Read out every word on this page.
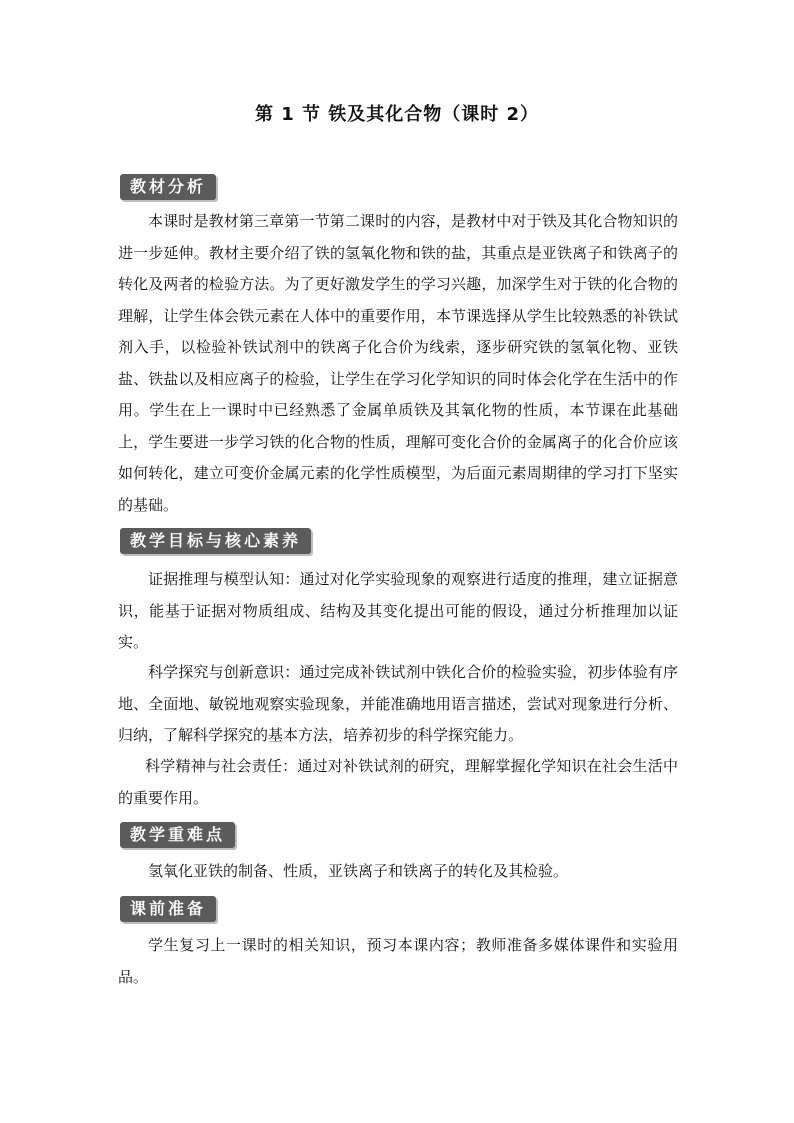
第 1 节 铁及其化合物（课时 2）
教材分析
本课时是教材第三章第一节第二课时的内容，是教材中对于铁及其化合物知识的进一步延伸。教材主要介绍了铁的氢氧化物和铁的盐，其重点是亚铁离子和铁离子的转化及两者的检验方法。为了更好激发学生的学习兴趣，加深学生对于铁的化合物的理解，让学生体会铁元素在人体中的重要作用，本节课选择从学生比较熟悉的补铁试剂入手，以检验补铁试剂中的铁离子化合价为线索，逐步研究铁的氢氧化物、亚铁盐、铁盐以及相应离子的检验，让学生在学习化学知识的同时体会化学在生活中的作用。学生在上一课时中已经熟悉了金属单质铁及其氧化物的性质，本节课在此基础上，学生要进一步学习铁的化合物的性质，理解可变化合价的金属离子的化合价应该如何转化，建立可变价金属元素的化学性质模型，为后面元素周期律的学习打下坚实的基础。
教学目标与核心素养
证据推理与模型认知：通过对化学实验现象的观察进行适度的推理，建立证据意识，能基于证据对物质组成、结构及其变化提出可能的假设，通过分析推理加以证实。
科学探究与创新意识：通过完成补铁试剂中铁化合价的检验实验，初步体验有序地、全面地、敏锐地观察实验现象，并能准确地用语言描述，尝试对现象进行分析、归纳，了解科学探究的基本方法，培养初步的科学探究能力。
科学精神与社会责任：通过对补铁试剂的研究，理解掌握化学知识在社会生活中的重要作用。
教学重难点
氢氧化亚铁的制备、性质，亚铁离子和铁离子的转化及其检验。
课前准备
学生复习上一课时的相关知识，预习本课内容；教师准备多媒体课件和实验用品。
